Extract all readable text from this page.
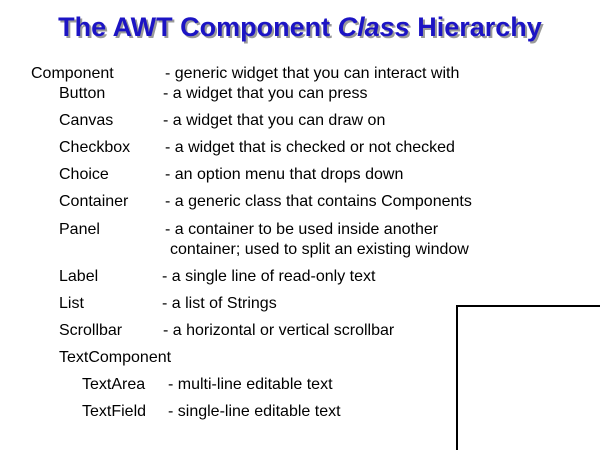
The AWT Component Class Hierarchy
Component	- generic widget that you can interact with
Button	- a widget that you can press
Canvas	- a widget that you can draw on
Checkbox - a widget that is checked or not checked
Choice	- an option menu that drops down
Container - a generic class that contains Components
Panel	- a container to be used inside another
container; used to split an existing window
Label	- a single line of read-only text
List	- a list of Strings
Scrollbar	- a horizontal or vertical scrollbar
TextComponent
TextArea - multi-line editable text
TextField - single-line editable text
